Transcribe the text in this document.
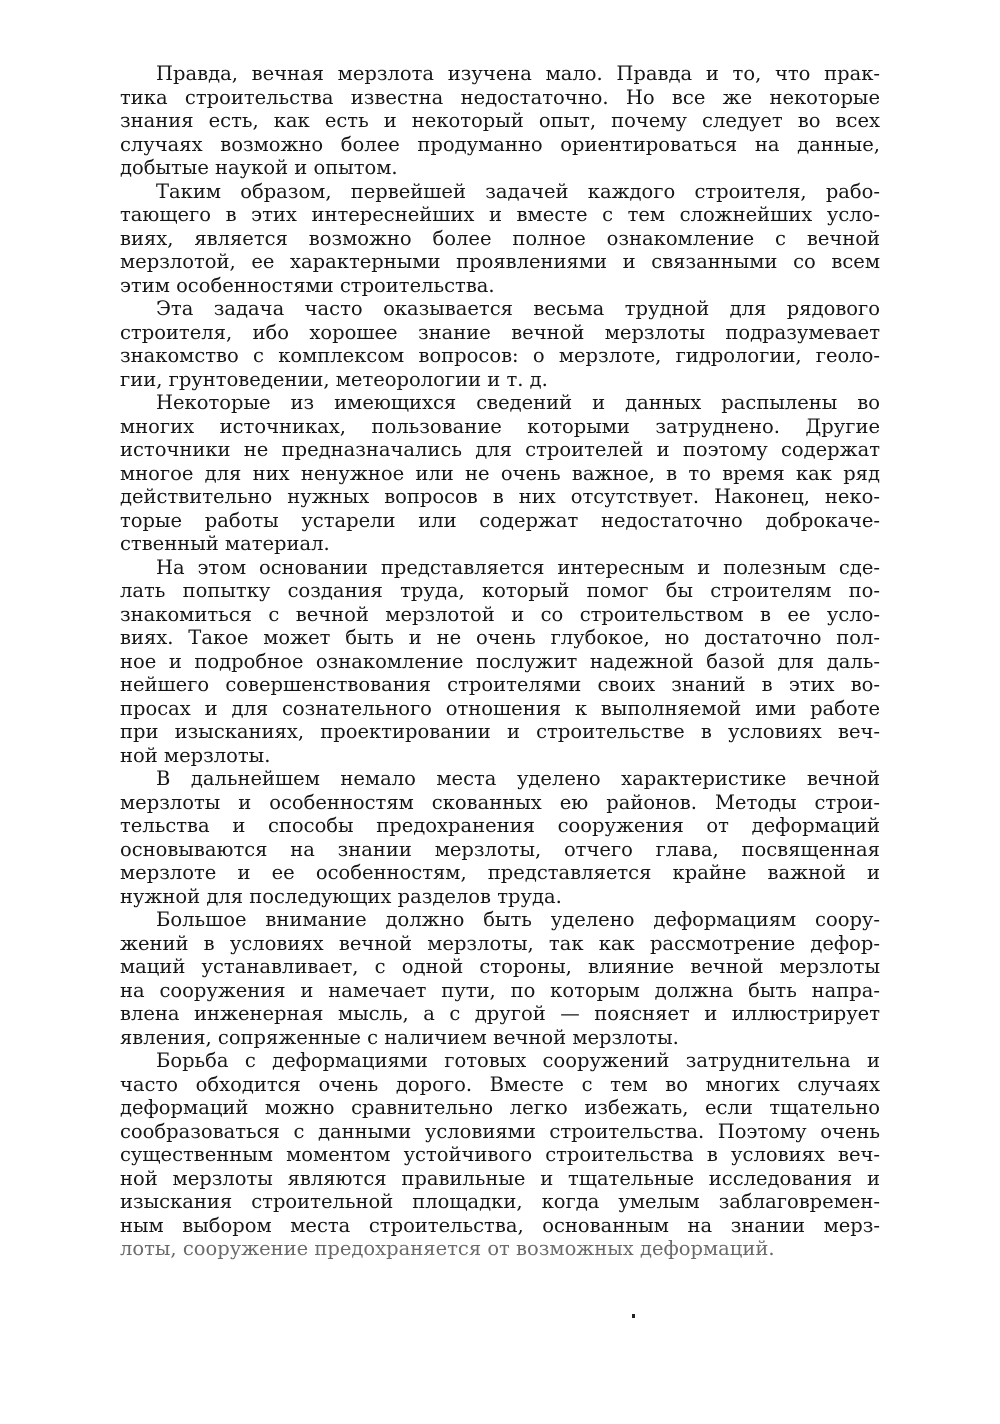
Правда, вечная мерзлота изучена мало. Правда и то, что прак-
тика строительства известна недостаточно. Но все же некоторые
знания есть, как есть и некоторый опыт, почему следует во всех
случаях возможно более продуманно ориентироваться на данные,
добытые наукой и опытом.
Таким образом, первейшей задачей каждого строителя, рабо-
тающего в этих интереснейших и вместе с тем сложнейших усло-
виях, является возможно более полное ознакомление с вечной
мерзлотой, ее характерными проявлениями и связанными со всем
этим особенностями строительства.
Эта задача часто оказывается весьма трудной для рядового
строителя, ибо хорошее знание вечной мерзлоты подразумевает
знакомство с комплексом вопросов: о мерзлоте, гидрологии, геоло-
гии, грунтоведении, метеорологии и т. д.
Некоторые из имеющихся сведений и данных распылены во
многих источниках, пользование которыми затруднено. Другие
источники не предназначались для строителей и поэтому содержат
многое для них ненужное или не очень важное, в то время как ряд
действительно нужных вопросов в них отсутствует. Наконец, неко-
торые работы устарели или содержат недостаточно доброкаче-
ственный материал.
На этом основании представляется интересным и полезным сде-
лать попытку создания труда, который помог бы строителям по-
знакомиться с вечной мерзлотой и со строительством в ее усло-
виях. Такое может быть и не очень глубокое, но достаточно пол-
ное и подробное ознакомление послужит надежной базой для даль-
нейшего совершенствования строителями своих знаний в этих во-
просах и для сознательного отношения к выполняемой ими работе
при изысканиях, проектировании и строительстве в условиях веч-
ной мерзлоты.
В дальнейшем немало места уделено характеристике вечной
мерзлоты и особенностям скованных ею районов. Методы строи-
тельства и способы предохранения сооружения от деформаций
основываются на знании мерзлоты, отчего глава, посвященная
мерзлоте и ее особенностям, представляется крайне важной и
нужной для последующих разделов труда.
Большое внимание должно быть уделено деформациям соору-
жений в условиях вечной мерзлоты, так как рассмотрение дефор-
маций устанавливает, с одной стороны, влияние вечной мерзлоты
на сооружения и намечает пути, по которым должна быть напра-
влена инженерная мысль, а с другой — поясняет и иллюстрирует
явления, сопряженные с наличием вечной мерзлоты.
Борьба с деформациями готовых сооружений затруднительна и
часто обходится очень дорого. Вместе с тем во многих случаях
деформаций можно сравнительно легко избежать, если тщательно
сообразоваться с данными условиями строительства. Поэтому очень
существенным моментом устойчивого строительства в условиях веч-
ной мерзлоты являются правильные и тщательные исследования и
изыскания строительной площадки, когда умелым заблаговремен-
ным выбором места строительства, основанным на знании мерз-
лоты, сооружение предохраняется от возможных деформаций.
